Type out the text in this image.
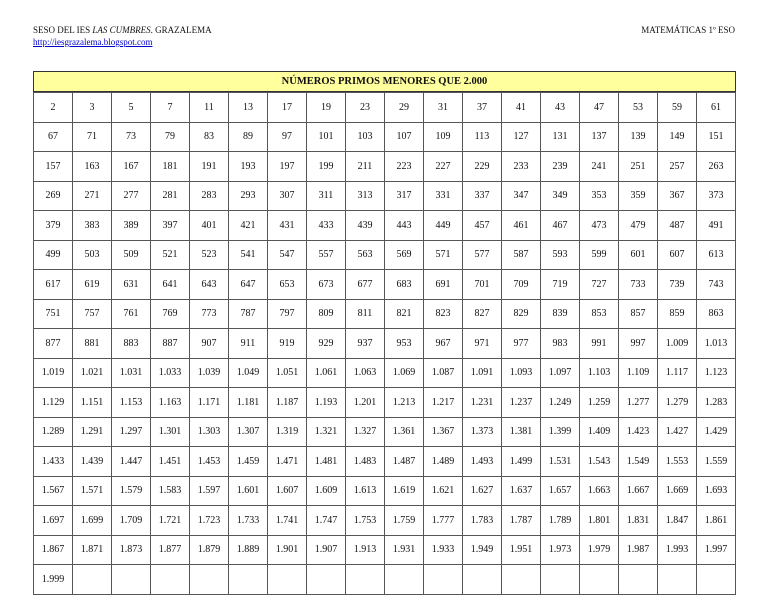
SESO DEL IES LAS CUMBRES. GRAZALEMA
http://iesgrazalema.blogspot.com
MATEMÁTICAS 1º ESO
NÚMEROS PRIMOS MENORES QUE 2.000
2	3	5	7	11	13	17	19	23	29	31	37	41	43	47	53	59	61
67	71	73	79	83	89	97	101	103	107	109	113	127	131	137	139	149	151
157	163	167	181	191	193	197	199	211	223	227	229	233	239	241	251	257	263
269	271	277	281	283	293	307	311	313	317	331	337	347	349	353	359	367	373
379	383	389	397	401	421	431	433	439	443	449	457	461	467	473	479	487	491
499	503	509	521	523	541	547	557	563	569	571	577	587	593	599	601	607	613
617	619	631	641	643	647	653	673	677	683	691	701	709	719	727	733	739	743
751	757	761	769	773	787	797	809	811	821	823	827	829	839	853	857	859	863
877	881	883	887	907	911	919	929	937	953	967	971	977	983	991	997	1.009	1.013
1.019	1.021	1.031	1.033	1.039	1.049	1.051	1.061	1.063	1.069	1.087	1.091	1.093	1.097	1.103	1.109	1.117	1.123
1.129	1.151	1.153	1.163	1.171	1.181	1.187	1.193	1.201	1.213	1.217	1.231	1.237	1.249	1.259	1.277	1.279	1.283
1.289	1.291	1.297	1.301	1.303	1.307	1.319	1.321	1.327	1.361	1.367	1.373	1.381	1.399	1.409	1.423	1.427	1.429
1.433	1.439	1.447	1.451	1.453	1.459	1.471	1.481	1.483	1.487	1.489	1.493	1.499	1.531	1.543	1.549	1.553	1.559
1.567	1.571	1.579	1.583	1.597	1.601	1.607	1.609	1.613	1.619	1.621	1.627	1.637	1.657	1.663	1.667	1.669	1.693
1.697	1.699	1.709	1.721	1.723	1.733	1.741	1.747	1.753	1.759	1.777	1.783	1.787	1.789	1.801	1.831	1.847	1.861
1.867	1.871	1.873	1.877	1.879	1.889	1.901	1.907	1.913	1.931	1.933	1.949	1.951	1.973	1.979	1.987	1.993	1.997
1.999																	
